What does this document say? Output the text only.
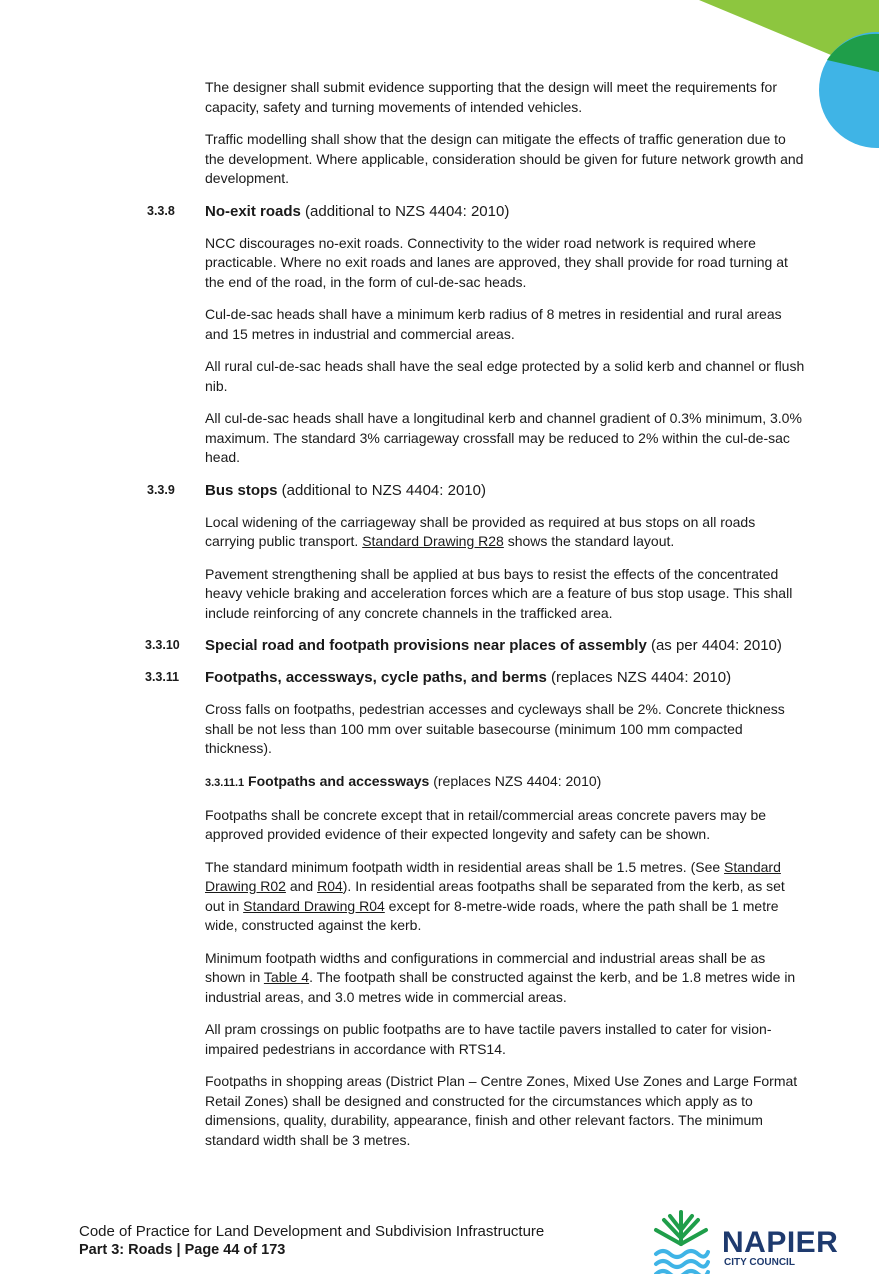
The designer shall submit evidence supporting that the design will meet the requirements for capacity, safety and turning movements of intended vehicles.

Traffic modelling shall show that the design can mitigate the effects of traffic generation due to the development. Where applicable, consideration should be given for future network growth and development.

3.3.8 No-exit roads (additional to NZS 4404: 2010)

NCC discourages no-exit roads. Connectivity to the wider road network is required where practicable. Where no exit roads and lanes are approved, they shall provide for road turning at the end of the road, in the form of cul-de-sac heads.

Cul-de-sac heads shall have a minimum kerb radius of 8 metres in residential and rural areas and 15 metres in industrial and commercial areas.

All rural cul-de-sac heads shall have the seal edge protected by a solid kerb and channel or flush nib.

All cul-de-sac heads shall have a longitudinal kerb and channel gradient of 0.3% minimum, 3.0% maximum. The standard 3% carriageway crossfall may be reduced to 2% within the cul-de-sac head.

3.3.9 Bus stops (additional to NZS 4404: 2010)

Local widening of the carriageway shall be provided as required at bus stops on all roads carrying public transport. Standard Drawing R28 shows the standard layout.

Pavement strengthening shall be applied at bus bays to resist the effects of the concentrated heavy vehicle braking and acceleration forces which are a feature of bus stop usage. This shall include reinforcing of any concrete channels in the trafficked area.

3.3.10 Special road and footpath provisions near places of assembly (as per 4404: 2010)
3.3.11 Footpaths, accessways, cycle paths, and berms (replaces NZS 4404: 2010)

Cross falls on footpaths, pedestrian accesses and cycleways shall be 2%. Concrete thickness shall be not less than 100 mm over suitable basecourse (minimum 100 mm compacted thickness).

3.3.11.1 Footpaths and accessways (replaces NZS 4404: 2010)

Footpaths shall be concrete except that in retail/commercial areas concrete pavers may be approved provided evidence of their expected longevity and safety can be shown.

The standard minimum footpath width in residential areas shall be 1.5 metres. (See Standard Drawing R02 and R04). In residential areas footpaths shall be separated from the kerb, as set out in Standard Drawing R04 except for 8-metre-wide roads, where the path shall be 1 metre wide, constructed against the kerb.

Minimum footpath widths and configurations in commercial and industrial areas shall be as shown in Table 4. The footpath shall be constructed against the kerb, and be 1.8 metres wide in industrial areas, and 3.0 metres wide in commercial areas.

All pram crossings on public footpaths are to have tactile pavers installed to cater for vision-impaired pedestrians in accordance with RTS14.

Footpaths in shopping areas (District Plan – Centre Zones, Mixed Use Zones and Large Format Retail Zones) shall be designed and constructed for the circumstances which apply as to dimensions, quality, durability, appearance, finish and other relevant factors. The minimum standard width shall be 3 metres.

Code of Practice for Land Development and Subdivision Infrastructure
Part 3: Roads | Page 44 of 173	NAPIER
CITY COUNCIL
